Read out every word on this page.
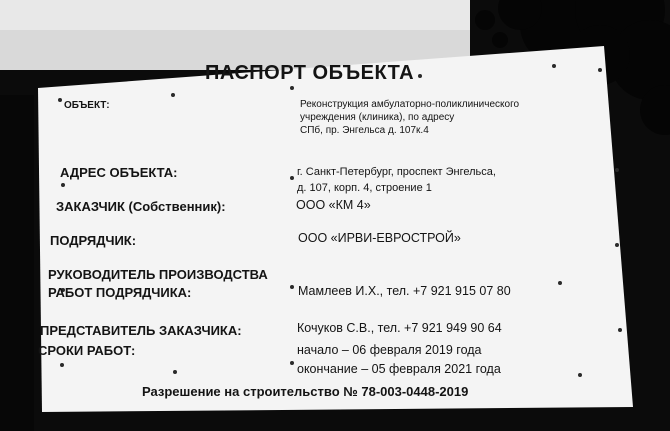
ПАСПОРТ ОБЪЕКТА
ОБЪЕКТ:	Реконструкция амбулаторно-поликлинического
учреждения (клиника), по адресу
СПб, пр. Энгельса д. 107к.4
АДРЕС ОБЪЕКТА:	г. Санкт-Петербург, проспект Энгельса,
д. 107, корп. 4, строение 1
ЗАКАЗЧИК (Собственник):	ООО «КМ 4»
ПОДРЯДЧИК:	ООО «ИРВИ-ЕВРОСТРОЙ»
РУКОВОДИТЕЛЬ ПРОИЗВОДСТВА
РАБОТ ПОДРЯДЧИКА:	Мамлеев И.Х., тел. +7 921 915 07 80
ПРЕДСТАВИТЕЛЬ ЗАКАЗЧИКА:	Кочуков С.В., тел. +7 921 949 90 64
СРОКИ РАБОТ:	начало – 06 февраля 2019 года
окончание – 05 февраля 2021 года
Разрешение на строительство № 78-003-0448-2019
